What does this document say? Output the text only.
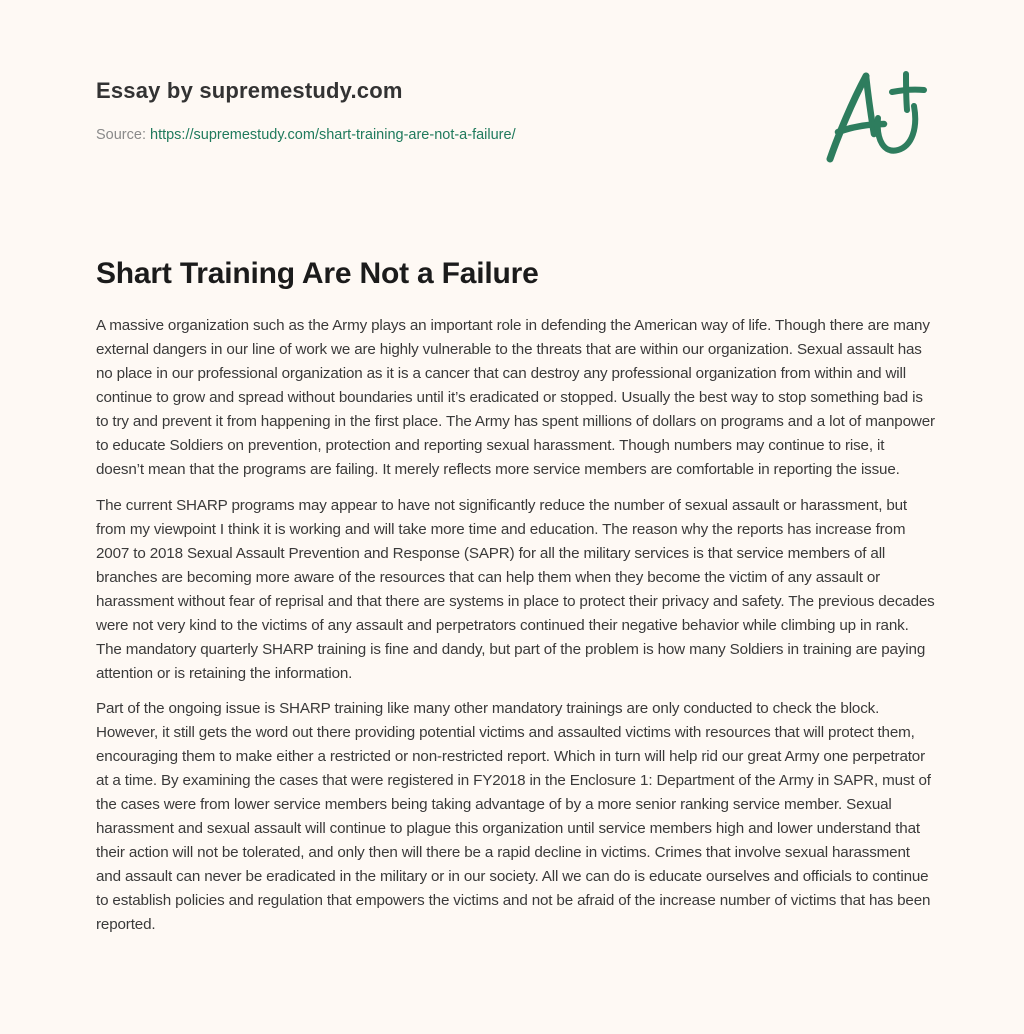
Essay by supremestudy.com
Source: https://supremestudy.com/shart-training-are-not-a-failure/
Shart Training Are Not a Failure

A massive organization such as the Army plays an important role in defending the American way of life. Though there are many external dangers in our line of work we are highly vulnerable to the threats that are within our organization. Sexual assault has no place in our professional organization as it is a cancer that can destroy any professional organization from within and will continue to grow and spread without boundaries until it’s eradicated or stopped. Usually the best way to stop something bad is to try and prevent it from happening in the first place. The Army has spent millions of dollars on programs and a lot of manpower to educate Soldiers on prevention, protection and reporting sexual harassment. Though numbers may continue to rise, it doesn’t mean that the programs are failing. It merely reflects more service members are comfortable in reporting the issue.

The current SHARP programs may appear to have not significantly reduce the number of sexual assault or harassment, but from my viewpoint I think it is working and will take more time and education. The reason why the reports has increase from 2007 to 2018 Sexual Assault Prevention and Response (SAPR) for all the military services is that service members of all branches are becoming more aware of the resources that can help them when they become the victim of any assault or harassment without fear of reprisal and that there are systems in place to protect their privacy and safety. The previous decades were not very kind to the victims of any assault and perpetrators continued their negative behavior while climbing up in rank. The mandatory quarterly SHARP training is fine and dandy, but part of the problem is how many Soldiers in training are paying attention or is retaining the information.

Part of the ongoing issue is SHARP training like many other mandatory trainings are only conducted to check the block. However, it still gets the word out there providing potential victims and assaulted victims with resources that will protect them, encouraging them to make either a restricted or non-restricted report. Which in turn will help rid our great Army one perpetrator at a time. By examining the cases that were registered in FY2018 in the Enclosure 1: Department of the Army in SAPR, must of the cases were from lower service members being taking advantage of by a more senior ranking service member. Sexual harassment and sexual assault will continue to plague this organization until service members high and lower understand that their action will not be tolerated, and only then will there be a rapid decline in victims. Crimes that involve sexual harassment and assault can never be eradicated in the military or in our society. All we can do is educate ourselves and officials to continue to establish policies and regulation that empowers the victims and not be afraid of the increase number of victims that has been reported.
